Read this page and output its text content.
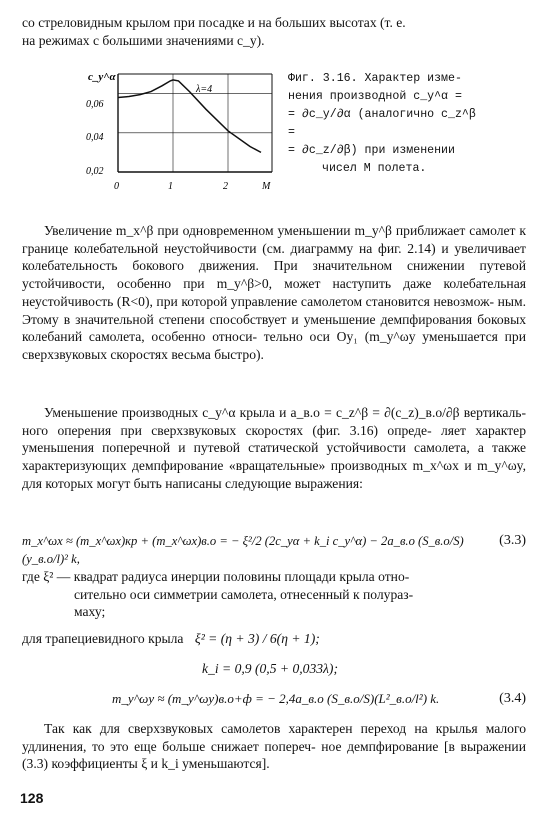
со стреловидным крылом при посадке и на больших высотах (т. е.
на режимах с большими значениями c_y).
c_y^α
0,06
0,04
0,02
0	1	2	M
λ=4
Фиг. 3.16. Характер изме-
нения производной c_y^α =
= ∂c_y/∂α (аналогично c_z^β =
= ∂c_z/∂β) при изменении
чисел M полета.
Увеличение m_x^β при одновременном уменьшении m_y^β приближает самолет к границе колебательной неустойчивости (см. диаграмму на фиг. 2.14) и увеличивает колебательность бокового движения. При значительном снижении путевой устойчивости, особенно при m_y^β>0, может наступить даже колебательная неустойчивость (R<0), при которой управление самолетом становится невозмож- ным. Этому в значительной степени способствует и уменьшение демпфирования боковых колебаний самолета, особенно относи- тельно оси Oy₁ (m_y^ωy уменьшается при сверхзвуковых скоростях весьма быстро).
Уменьшение производных c_y^α крыла и a_в.о = c_z^β = ∂(c_z)_в.о/∂β вертикаль- ного оперения при сверхзвуковых скоростях (фиг. 3.16) опреде- ляет характер уменьшения поперечной и путевой статической устойчивости самолета, а также характеризующих демпфирование «вращательные» производных m_x^ωx и m_y^ωy, для которых могут быть написаны следующие выражения:
m_x^ωx ≈ (m_x^ωx)кр + (m_x^ωx)в.о = − ξ²/2 (2c_yα + k_i c_y^α) − 2a_в.о (S_в.о/S)(y_в.о/l)² k,
(3.3)
где ξ² — квадрат радиуса инерции половины площади крыла отно-
сительно оси симметрии самолета, отнесенный к полураз-
маху;
для трапециевидного крыла ξ² = (η + 3) / 6(η + 1);
k_i = 0,9 (0,5 + 0,033λ);
m_y^ωy ≈ (m_y^ωy)в.о+ф = − 2,4a_в.о (S_в.о/S)(L²_в.о/l²) k.	(3.4)
Так как для сверхзвуковых самолетов характерен переход на крылья малого удлинения, то это еще больше снижает попереч- ное демпфирование [в выражении (3.3) коэффициенты ξ и k_i уменьшаются].
128
